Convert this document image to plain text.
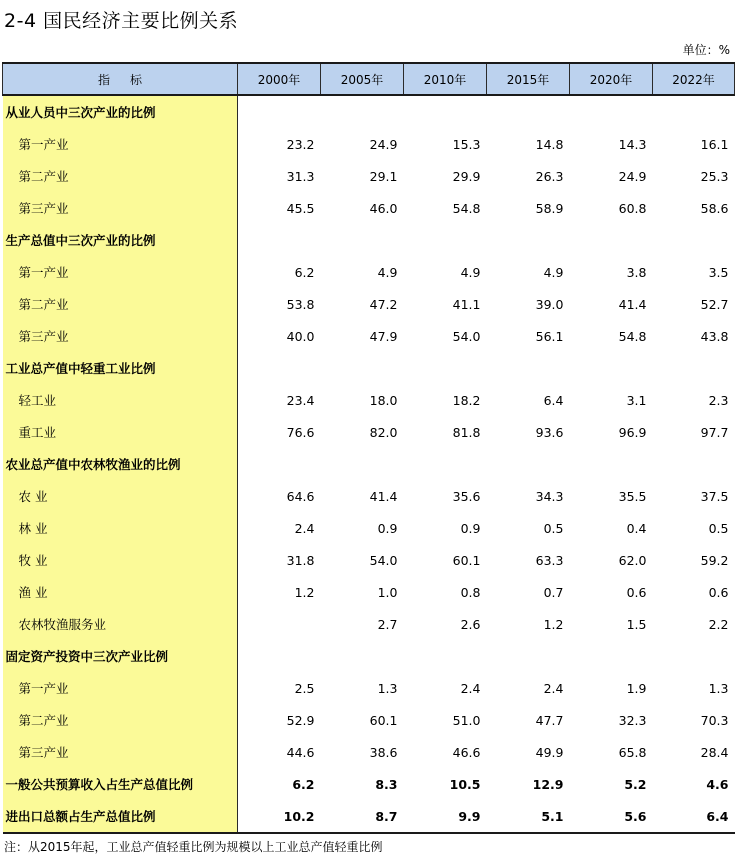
2-4 国民经济主要比例关系
单位：%
指标	2000年	2005年	2010年	2015年	2020年	2022年
从业人员中三次产业的比例						
第一产业	23.2	24.9	15.3	14.8	14.3	16.1
第二产业	31.3	29.1	29.9	26.3	24.9	25.3
第三产业	45.5	46.0	54.8	58.9	60.8	58.6
生产总值中三次产业的比例						
第一产业	6.2	4.9	4.9	4.9	3.8	3.5
第二产业	53.8	47.2	41.1	39.0	41.4	52.7
第三产业	40.0	47.9	54.0	56.1	54.8	43.8
工业总产值中轻重工业比例						
轻工业	23.4	18.0	18.2	6.4	3.1	2.3
重工业	76.6	82.0	81.8	93.6	96.9	97.7
农业总产值中农林牧渔业的比例						
农 业	64.6	41.4	35.6	34.3	35.5	37.5
林 业	2.4	0.9	0.9	0.5	0.4	0.5
牧 业	31.8	54.0	60.1	63.3	62.0	59.2
渔 业	1.2	1.0	0.8	0.7	0.6	0.6
农林牧渔服务业		2.7	2.6	1.2	1.5	2.2
固定资产投资中三次产业比例						
第一产业	2.5	1.3	2.4	2.4	1.9	1.3
第二产业	52.9	60.1	51.0	47.7	32.3	70.3
第三产业	44.6	38.6	46.6	49.9	65.8	28.4
一般公共预算收入占生产总值比例	6.2	8.3	10.5	12.9	5.2	4.6
进出口总额占生产总值比例	10.2	8.7	9.9	5.1	5.6	6.4
注：从2015年起，工业总产值轻重比例为规模以上工业总产值轻重比例
